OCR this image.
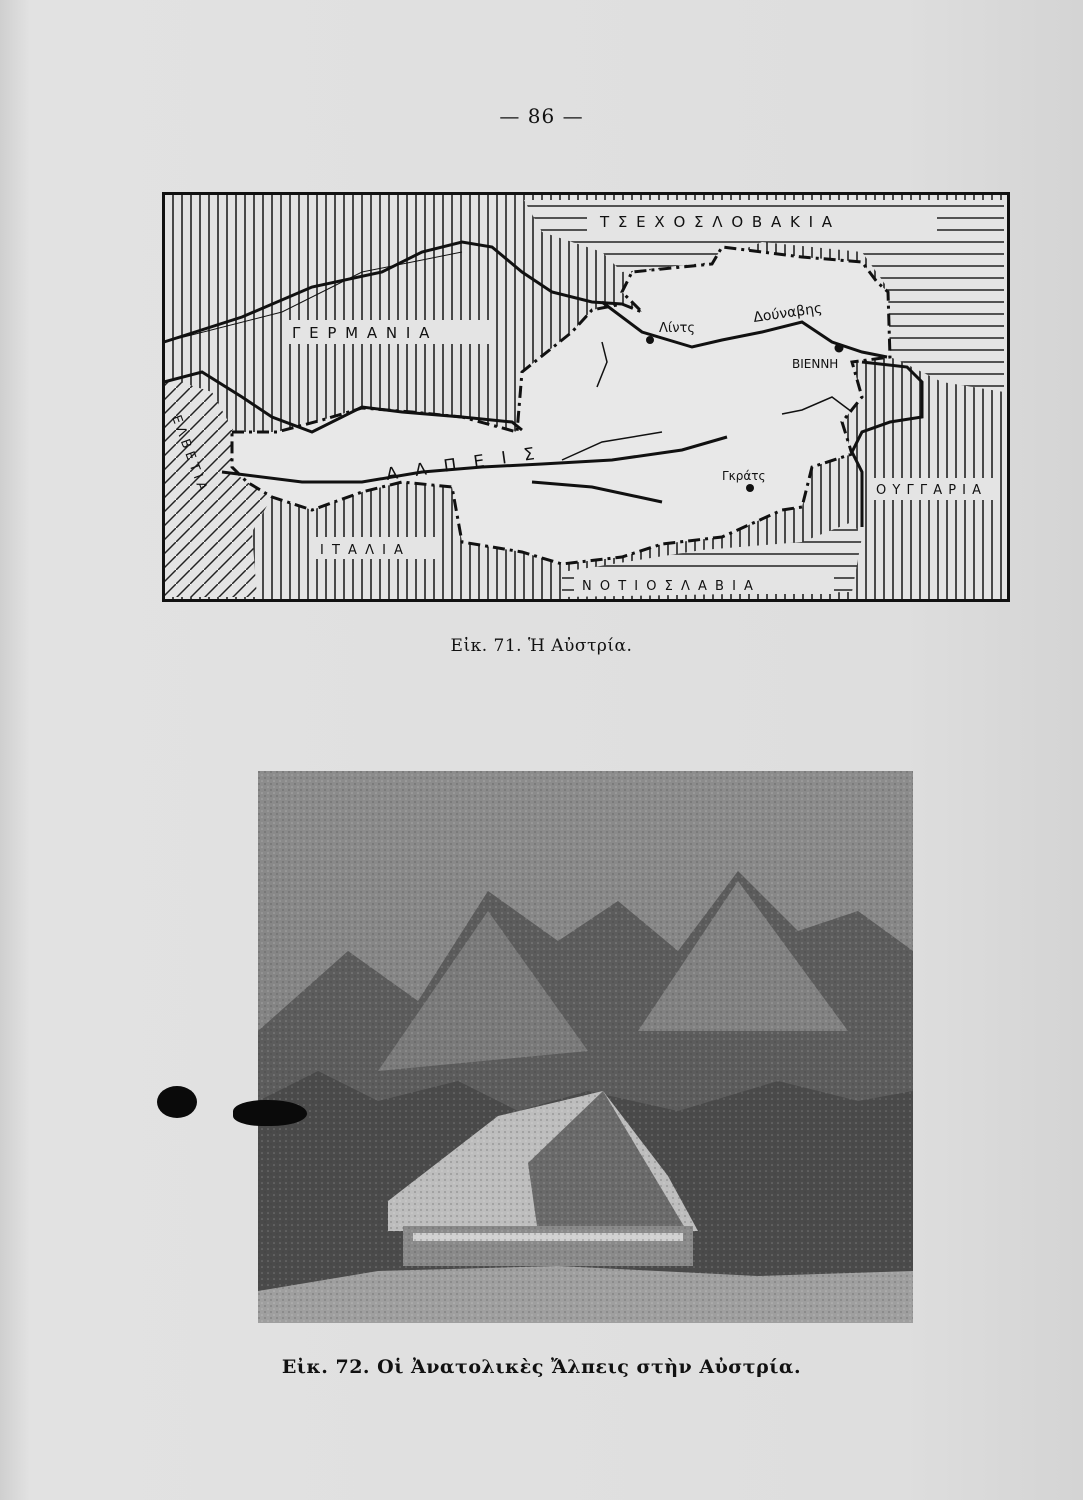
— 86 —
Τ Σ Ε Χ Ο Σ Λ Ο Β Α Κ Ι Α
Γ Ε Ρ Μ Α Ν Ι Α	Λίντς
Δούναβης
ΒΙΕΝΝΗ
Ε Λ Β Ε Τ Ι Α	Α Λ Π Ε Ι Σ	Γκράτς
Ο Υ Γ Γ Α Ρ Ι Α
Ι Τ Α Λ Ι Α
Ν Ο Τ Ι Ο Σ Λ Α Β Ι Α
Εἰκ. 71. Ἡ Αὐστρία.
Εἰκ. 72. Οἱ Ἀνατολικὲς Ἄλπεις στὴν Αὐστρία.
